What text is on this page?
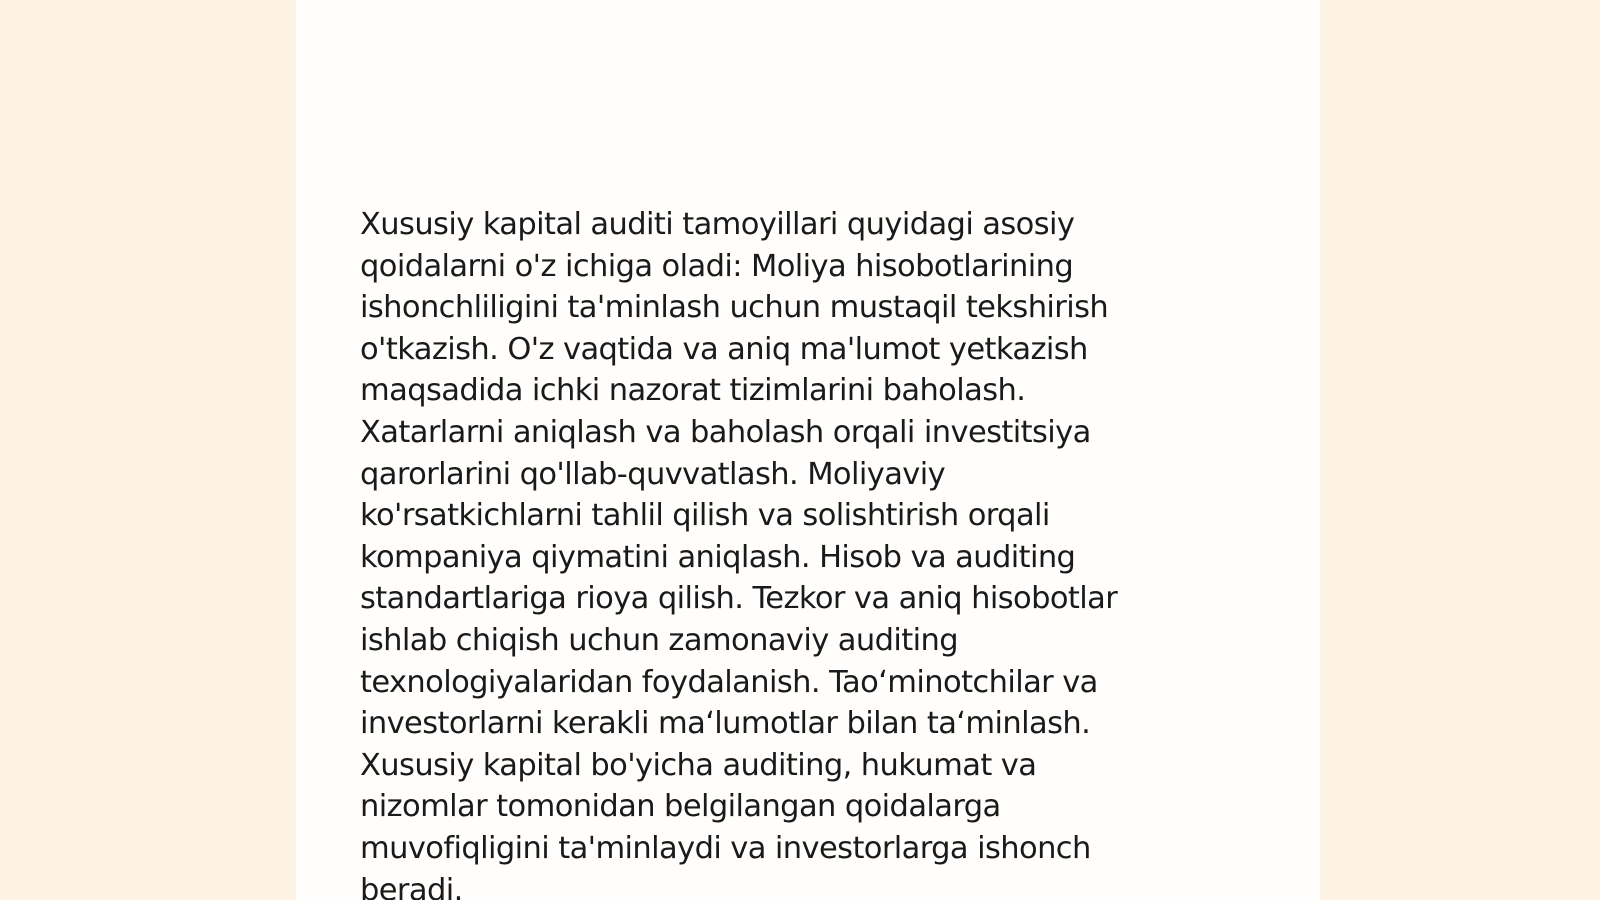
Xususiy kapital auditi tamoyillari quyidagi asosiy
qoidalarni o'z ichiga oladi: Moliya hisobotlarining
ishonchliligini ta'minlash uchun mustaqil tekshirish
o'tkazish. O'z vaqtida va aniq ma'lumot yetkazish
maqsadida ichki nazorat tizimlarini baholash.
Xatarlarni aniqlash va baholash orqali investitsiya
qarorlarini qo'llab-quvvatlash. Moliyaviy
ko'rsatkichlarni tahlil qilish va solishtirish orqali
kompaniya qiymatini aniqlash. Hisob va auditing
standartlariga rioya qilish. Tezkor va aniq hisobotlar
ishlab chiqish uchun zamonaviy auditing
texnologiyalaridan foydalanish. Tao‘minotchilar va
investorlarni kerakli ma‘lumotlar bilan ta‘minlash.
Xususiy kapital bo'yicha auditing, hukumat va
nizomlar tomonidan belgilangan qoidalarga
muvofiqligini ta'minlaydi va investorlarga ishonch
beradi.
